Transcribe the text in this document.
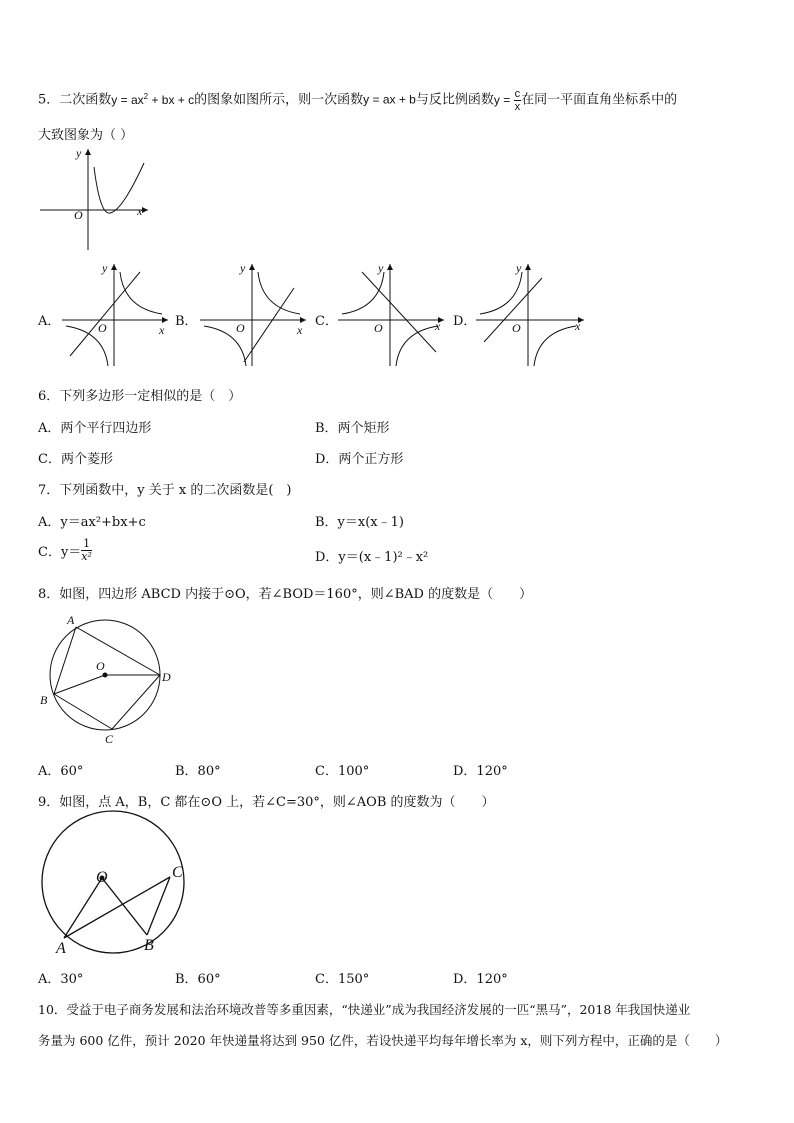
5．二次函数$y = ax^2$ + bx + c的图象如图所示，则一次函数y = ax + b与反比例函数$y = \frac{c}{x}$ 在同一平面直角坐标系中的
大致图象为（ ）
y
x
O
A．	B．	C．	D．
y
x
O
y
x
O
y
x
O
y
x
O
6．下列多边形一定相似的是（　）
A．两个平行四边形	B．两个矩形
C．两个菱形	D．两个正方形
7．下列函数中，y 关于 x 的二次函数是(　)
A．y＝ax²+bx+c	B．y＝x(x﹣1)
C．$y= \frac{1}{\text{x²}}$	D．y＝(x﹣1)²﹣x²
8．如图，四边形 ABCD 内接于⊙O，若∠BOD＝160°，则∠BAD 的度数是（　　）
A
O
D
B
C
A．60°	B．80°	C．100°	D．120°
9．如图，点 A，B，C 都在⊙O 上，若∠C=30°，则∠AOB 的度数为（　　）
O	C
A	B
A．30°	B．60°	C．150°	D．120°
10．受益于电子商务发展和法治环境改普等多重因素，“快递业”成为我国经济发展的一匹“黑马”，2018 年我国快递业
务量为 600 亿件，预计 2020 年快递量将达到 950 亿件，若设快递平均每年增长率为 x，则下列方程中，正确的是（　　）
